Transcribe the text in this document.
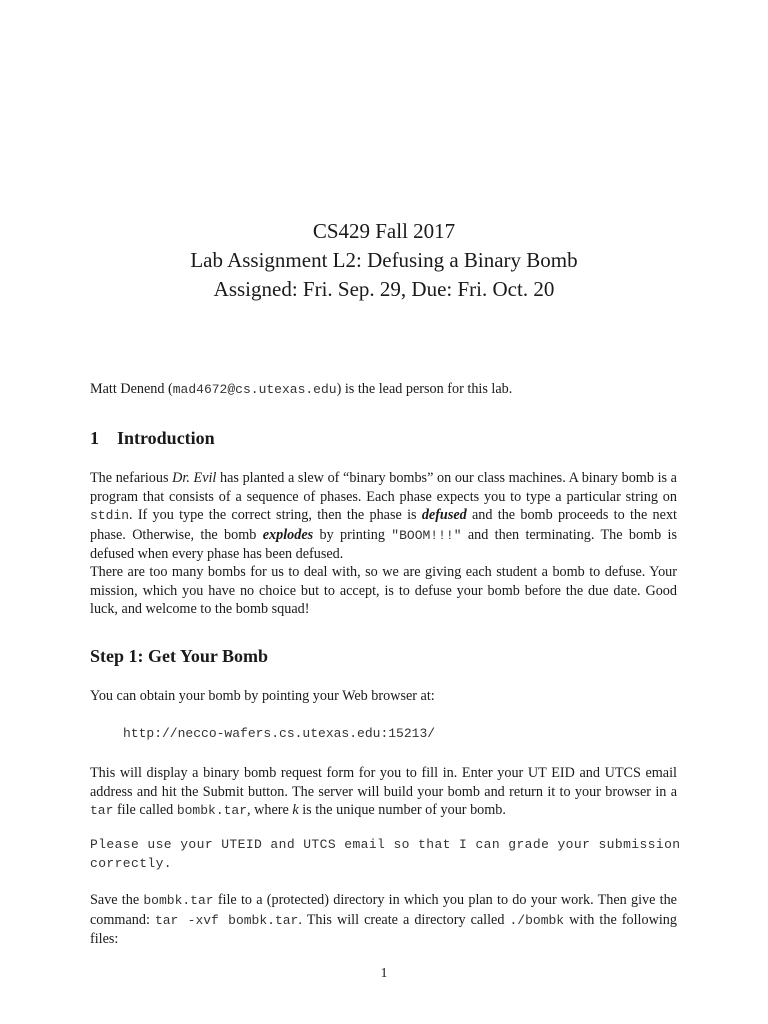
CS429 Fall 2017
Lab Assignment L2: Defusing a Binary Bomb
Assigned: Fri. Sep. 29, Due: Fri. Oct. 20
Matt Denend (mad4672@cs.utexas.edu) is the lead person for this lab.
1 Introduction
The nefarious Dr. Evil has planted a slew of “binary bombs” on our class machines. A binary bomb is a program that consists of a sequence of phases. Each phase expects you to type a particular string on stdin. If you type the correct string, then the phase is defused and the bomb proceeds to the next phase. Otherwise, the bomb explodes by printing "BOOM!!!" and then terminating. The bomb is defused when every phase has been defused.
There are too many bombs for us to deal with, so we are giving each student a bomb to defuse. Your mission, which you have no choice but to accept, is to defuse your bomb before the due date. Good luck, and welcome to the bomb squad!
Step 1: Get Your Bomb
You can obtain your bomb by pointing your Web browser at:
http://necco-wafers.cs.utexas.edu:15213/
This will display a binary bomb request form for you to fill in. Enter your UT EID and UTCS email address and hit the Submit button. The server will build your bomb and return it to your browser in a tar file called bombk.tar, where k is the unique number of your bomb.
Please use your UTEID and UTCS email so that I can grade your submission correctly.
Save the bombk.tar file to a (protected) directory in which you plan to do your work. Then give the command: tar -xvf bombk.tar. This will create a directory called ./bombk with the following files:
1
